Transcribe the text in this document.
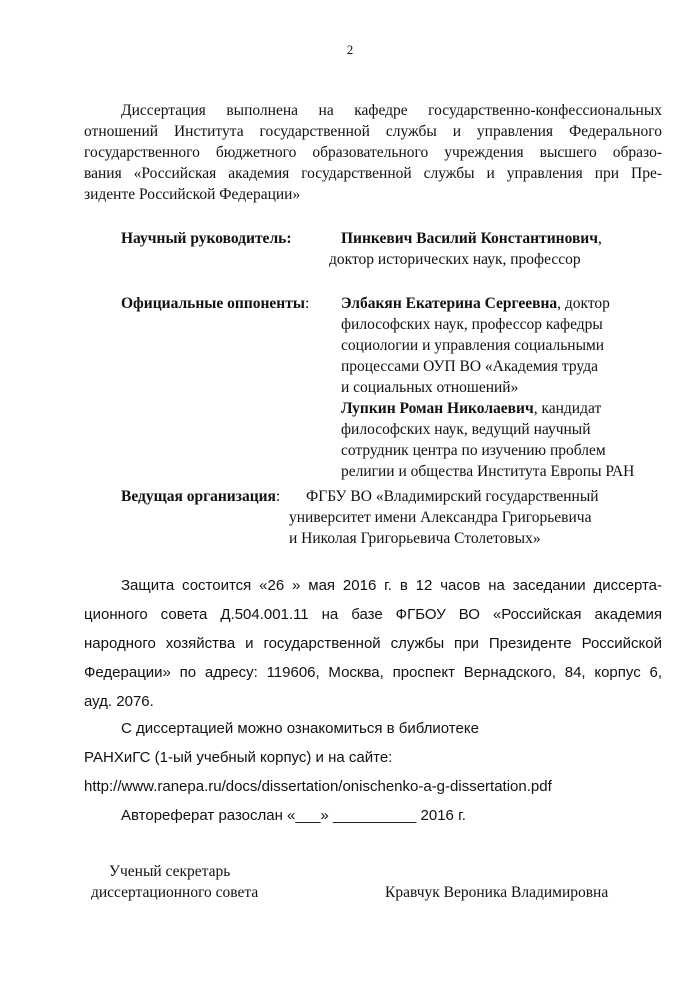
2
Диссертация выполнена на кафедре государственно-конфессиональных
отношений Института государственной службы и управления Федерального
государственного бюджетного образовательного учреждения высшего образо-
вания «Российская академия государственной службы и управления при Пре-
зиденте Российской Федерации»
Научный руководитель:	Пинкевич Василий Константинович,
доктор исторических наук, профессор
Официальные оппоненты: Элбакян Екатерина Сергеевна, доктор
философских наук, профессор кафедры
социологии и управления социальными
процессами ОУП ВО «Академия труда
и социальных отношений»
Лупкин Роман Николаевич, кандидат
философских наук, ведущий научный
сотрудник центра по изучению проблем
религии и общества Института Европы РАН
Ведущая организация: ФГБУ ВО «Владимирский государственный
университет имени Александра Григорьевича
и Николая Григорьевича Столетовых»
Защита состоится «26 » мая 2016 г. в 12 часов на заседании диссерта-
ционного совета Д.504.001.11 на базе ФГБОУ ВО «Российская академия
народного хозяйства и государственной службы при Президенте Российской
Федерации» по адресу: 119606, Москва, проспект Вернадского, 84, корпус 6,
ауд. 2076.
С диссертацией можно ознакомиться в библиотеке
РАНХиГС (1-ый учебный корпус) и на сайте:
http://www.ranepa.ru/docs/dissertation/onischenko-a-g-dissertation.pdf
Автореферат разослан «___» __________ 2016 г.
Ученый секретарь
диссертационного совета	Кравчук Вероника Владимировна
